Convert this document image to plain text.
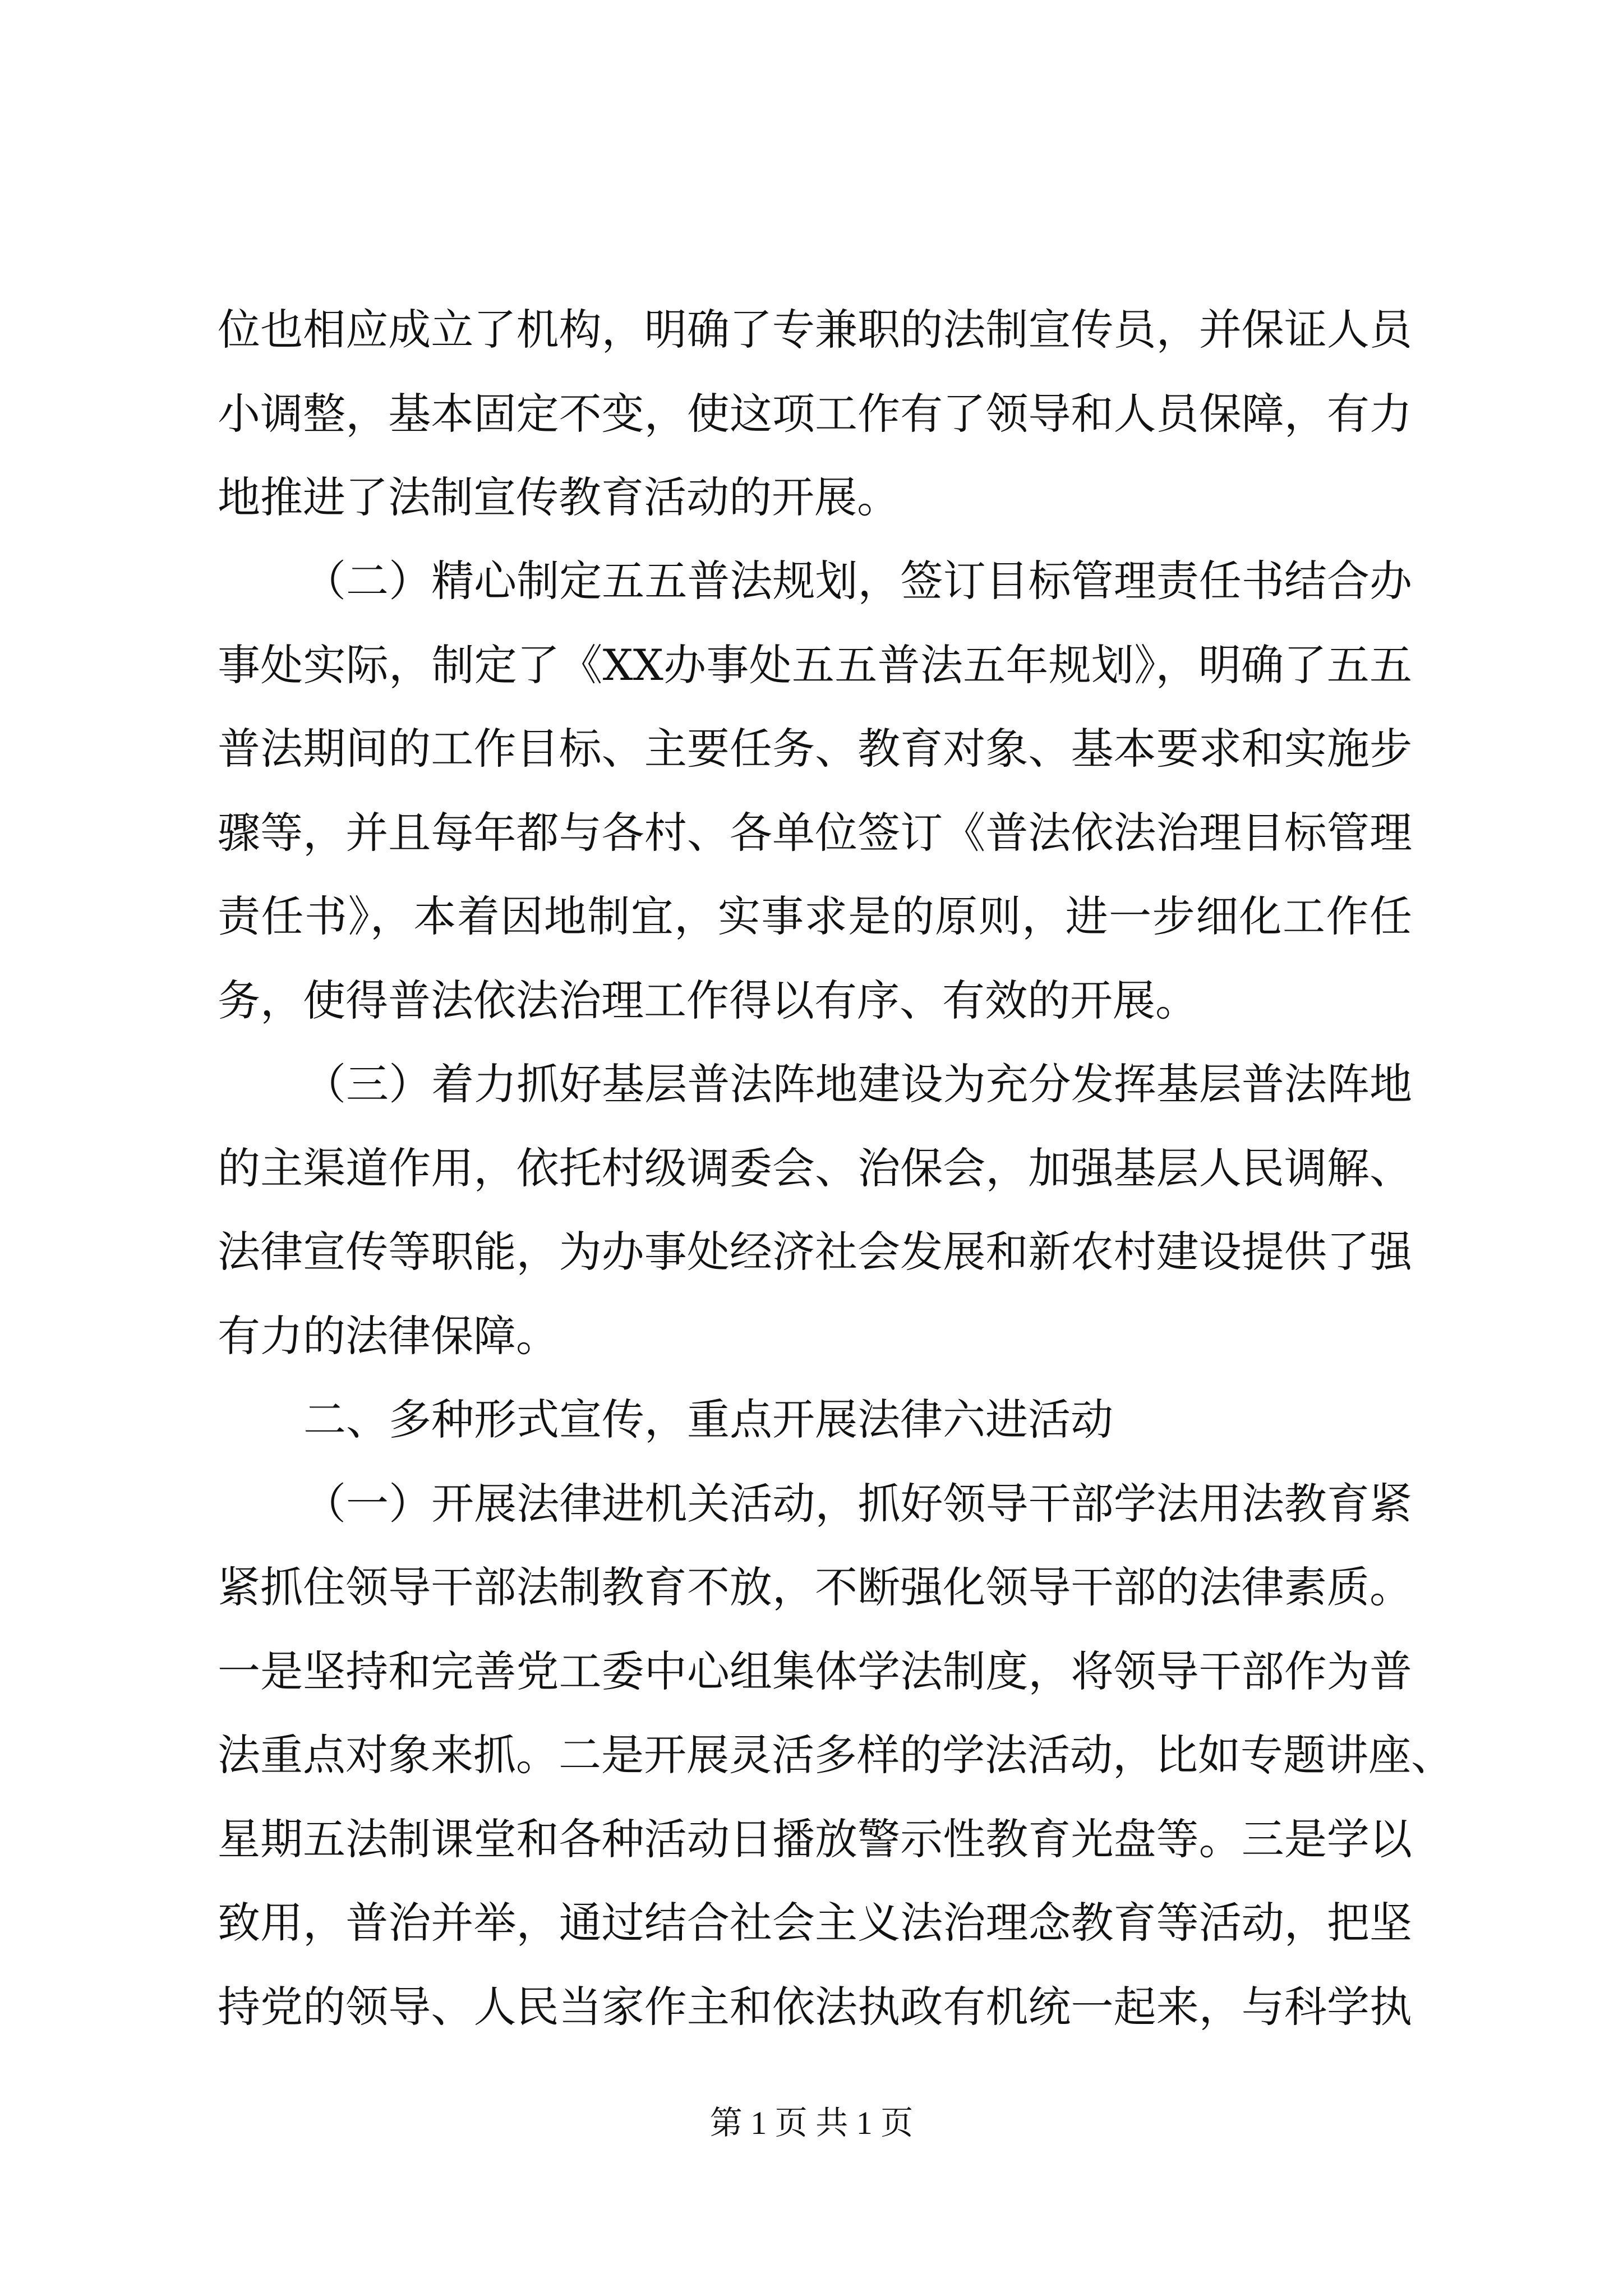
位也相应成立了机构，明确了专兼职的法制宣传员，并保证人员
小调整，基本固定不变，使这项工作有了领导和人员保障，有力
地推进了法制宣传教育活动的开展。
（二）精心制定五五普法规划，签订目标管理责任书结合办
事处实际，制定了《XX办事处五五普法五年规划》，明确了五五
普法期间的工作目标、主要任务、教育对象、基本要求和实施步
骤等，并且每年都与各村、各单位签订《普法依法治理目标管理
责任书》，本着因地制宜，实事求是的原则，进一步细化工作任
务，使得普法依法治理工作得以有序、有效的开展。
（三）着力抓好基层普法阵地建设为充分发挥基层普法阵地
的主渠道作用，依托村级调委会、治保会，加强基层人民调解、
法律宣传等职能，为办事处经济社会发展和新农村建设提供了强
有力的法律保障。
二、多种形式宣传，重点开展法律六进活动
（一）开展法律进机关活动，抓好领导干部学法用法教育紧
紧抓住领导干部法制教育不放，不断强化领导干部的法律素质。
一是坚持和完善党工委中心组集体学法制度，将领导干部作为普
法重点对象来抓。二是开展灵活多样的学法活动，比如专题讲座、
星期五法制课堂和各种活动日播放警示性教育光盘等。三是学以
致用，普治并举，通过结合社会主义法治理念教育等活动，把坚
持党的领导、人民当家作主和依法执政有机统一起来，与科学执
第 1 页 共 1 页
